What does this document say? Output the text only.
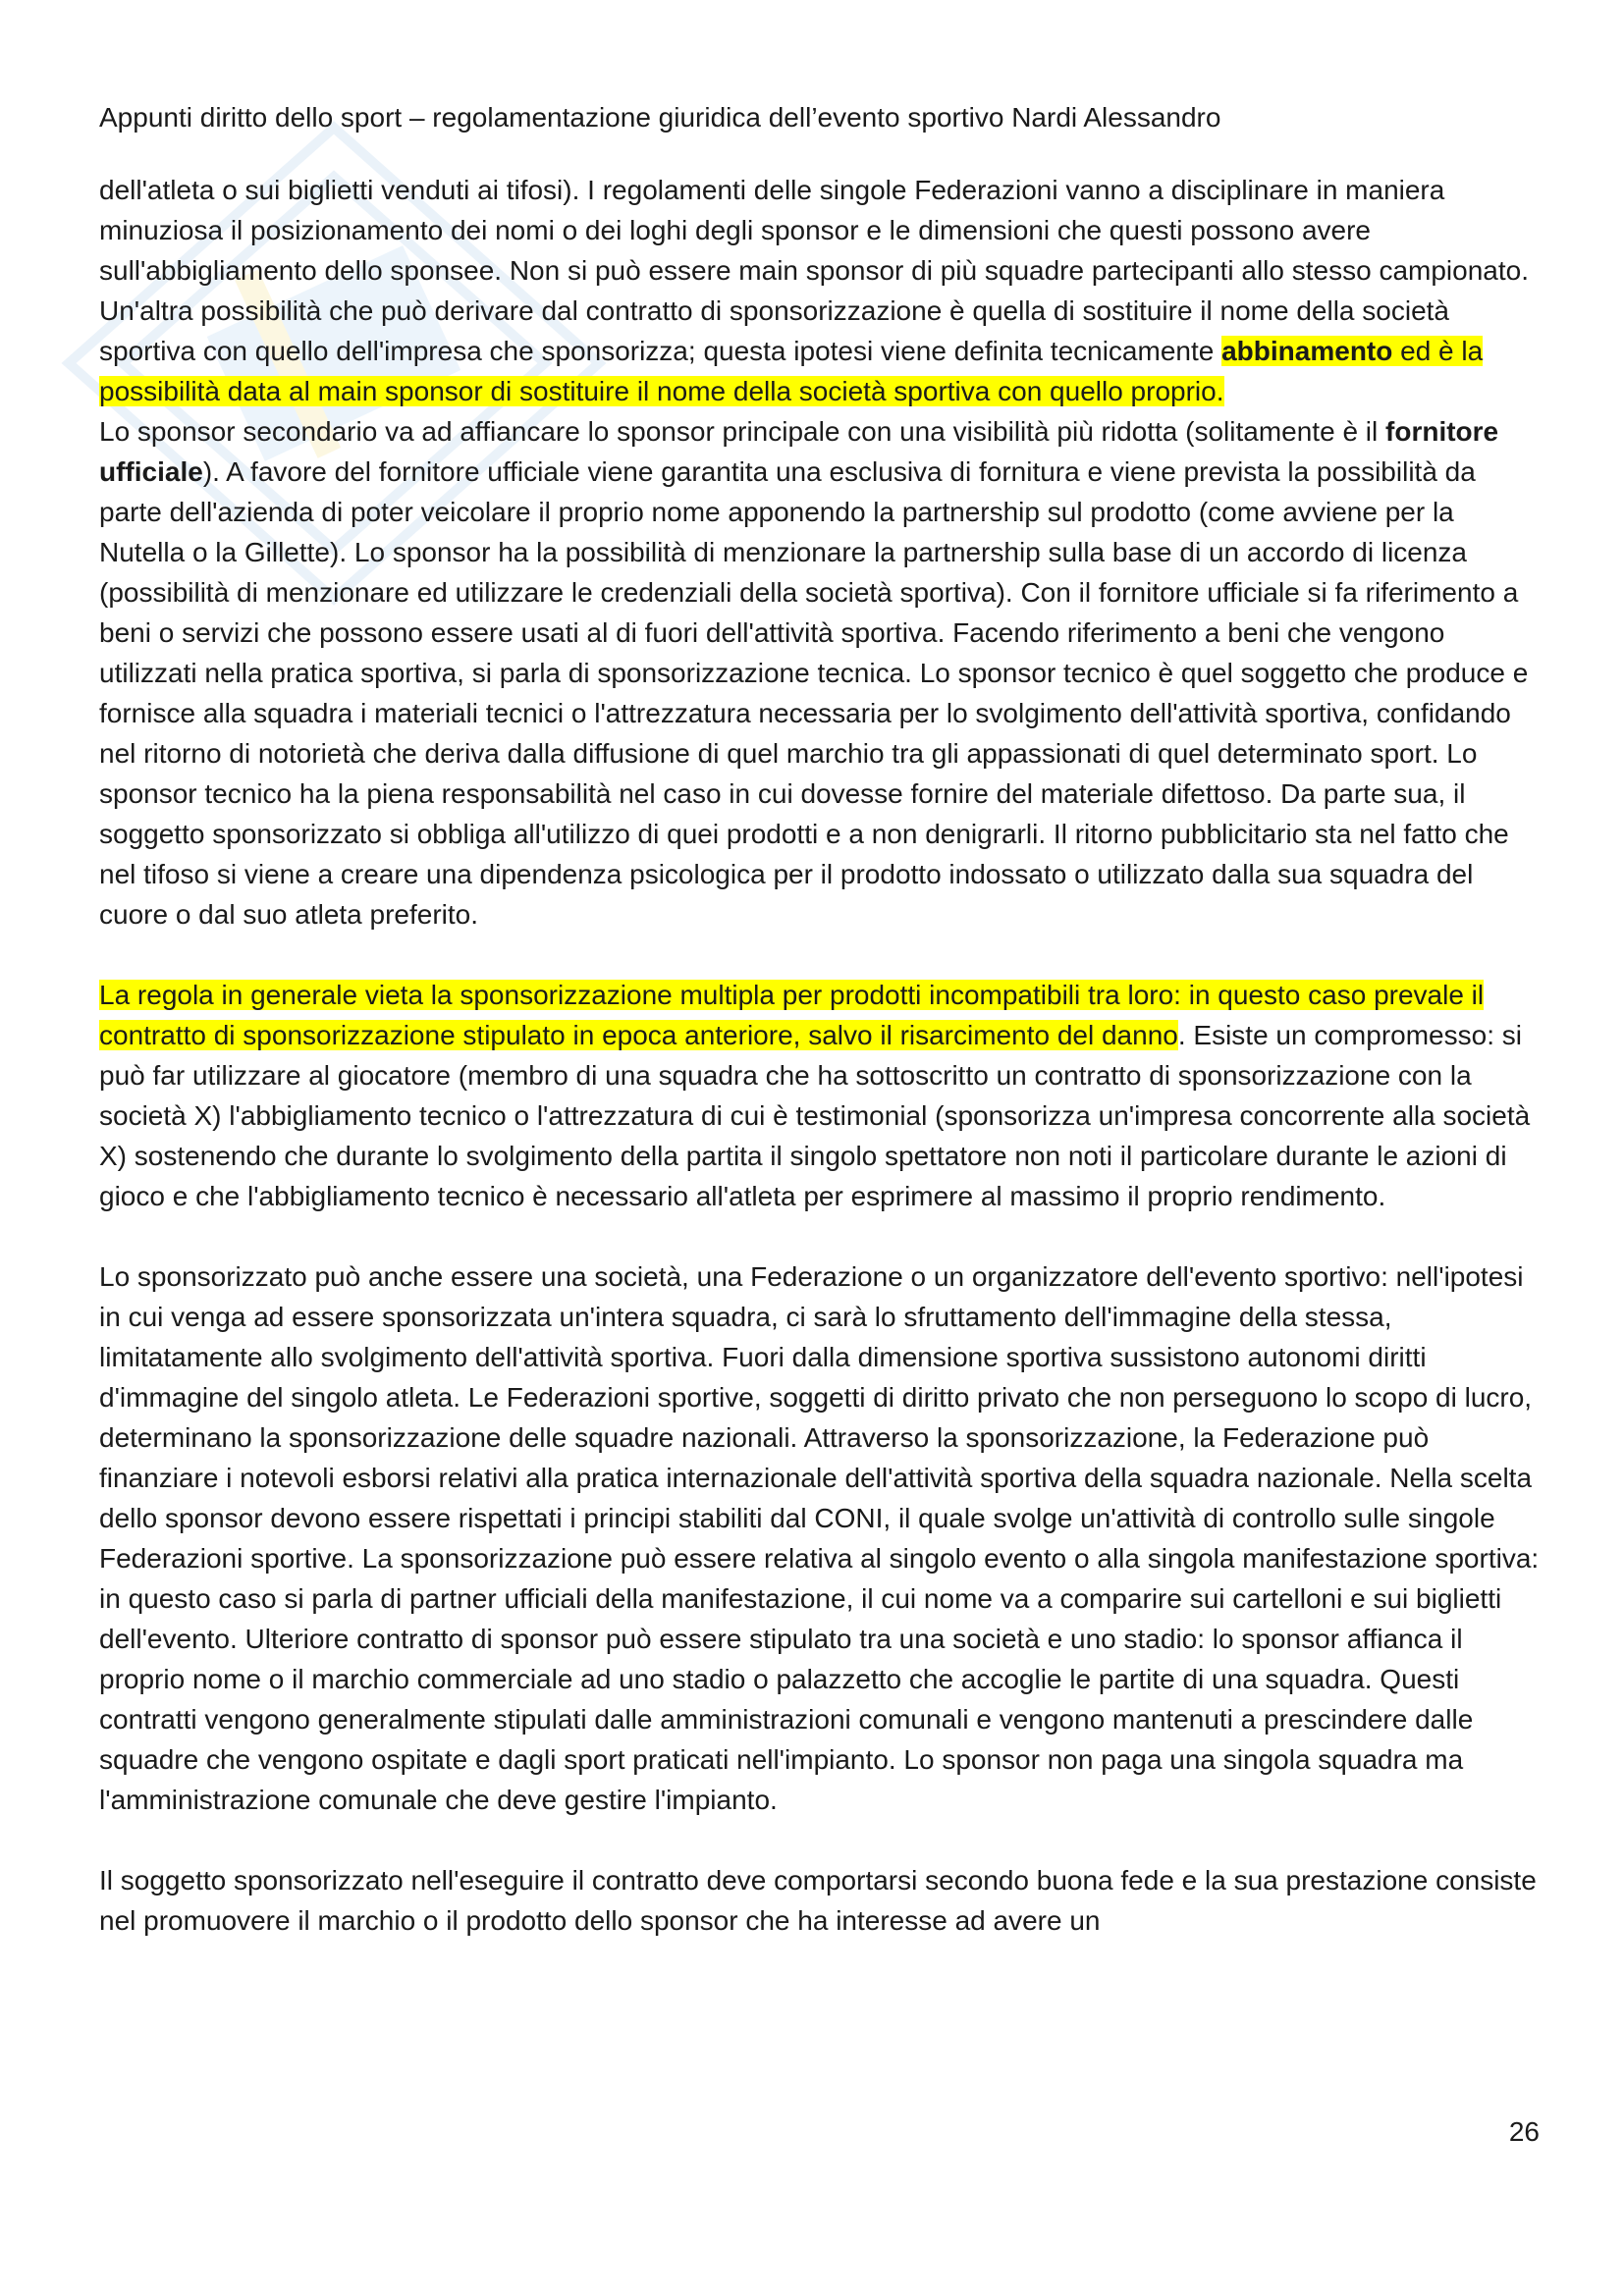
Appunti diritto dello sport – regolamentazione giuridica dell’evento sportivo Nardi Alessandro

dell'atleta o sui biglietti venduti ai tifosi). I regolamenti delle singole Federazioni vanno a disciplinare in maniera minuziosa il posizionamento dei nomi o dei loghi degli sponsor e le dimensioni che questi possono avere sull'abbigliamento dello sponsee. Non si può essere main sponsor di più squadre partecipanti allo stesso campionato. Un'altra possibilità che può derivare dal contratto di sponsorizzazione è quella di sostituire il nome della società sportiva con quello dell'impresa che sponsorizza; questa ipotesi viene definita tecnicamente abbinamento ed è la possibilità data al main sponsor di sostituire il nome della società sportiva con quello proprio.

Lo sponsor secondario va ad affiancare lo sponsor principale con una visibilità più ridotta (solitamente è il fornitore ufficiale). A favore del fornitore ufficiale viene garantita una esclusiva di fornitura e viene prevista la possibilità da parte dell'azienda di poter veicolare il proprio nome apponendo la partnership sul prodotto (come avviene per la Nutella o la Gillette). Lo sponsor ha la possibilità di menzionare la partnership sulla base di un accordo di licenza (possibilità di menzionare ed utilizzare le credenziali della società sportiva). Con il fornitore ufficiale si fa riferimento a beni o servizi che possono essere usati al di fuori dell'attività sportiva. Facendo riferimento a beni che vengono utilizzati nella pratica sportiva, si parla di sponsorizzazione tecnica. Lo sponsor tecnico è quel soggetto che produce e fornisce alla squadra i materiali tecnici o l'attrezzatura necessaria per lo svolgimento dell'attività sportiva, confidando nel ritorno di notorietà che deriva dalla diffusione di quel marchio tra gli appassionati di quel determinato sport. Lo sponsor tecnico ha la piena responsabilità nel caso in cui dovesse fornire del materiale difettoso. Da parte sua, il soggetto sponsorizzato si obbliga all'utilizzo di quei prodotti e a non denigrarli. Il ritorno pubblicitario sta nel fatto che nel tifoso si viene a creare una dipendenza psicologica per il prodotto indossato o utilizzato dalla sua squadra del cuore o dal suo atleta preferito.

La regola in generale vieta la sponsorizzazione multipla per prodotti incompatibili tra loro: in questo caso prevale il contratto di sponsorizzazione stipulato in epoca anteriore, salvo il risarcimento del danno. Esiste un compromesso: si può far utilizzare al giocatore (membro di una squadra che ha sottoscritto un contratto di sponsorizzazione con la società X) l'abbigliamento tecnico o l'attrezzatura di cui è testimonial (sponsorizza un'impresa concorrente alla società X) sostenendo che durante lo svolgimento della partita il singolo spettatore non noti il particolare durante le azioni di gioco e che l'abbigliamento tecnico è necessario all'atleta per esprimere al massimo il proprio rendimento.

Lo sponsorizzato può anche essere una società, una Federazione o un organizzatore dell'evento sportivo: nell'ipotesi in cui venga ad essere sponsorizzata un'intera squadra, ci sarà lo sfruttamento dell'immagine della stessa, limitatamente allo svolgimento dell'attività sportiva. Fuori dalla dimensione sportiva sussistono autonomi diritti d'immagine del singolo atleta. Le Federazioni sportive, soggetti di diritto privato che non perseguono lo scopo di lucro, determinano la sponsorizzazione delle squadre nazionali. Attraverso la sponsorizzazione, la Federazione può finanziare i notevoli esborsi relativi alla pratica internazionale dell'attività sportiva della squadra nazionale. Nella scelta dello sponsor devono essere rispettati i principi stabiliti dal CONI, il quale svolge un'attività di controllo sulle singole Federazioni sportive. La sponsorizzazione può essere relativa al singolo evento o alla singola manifestazione sportiva: in questo caso si parla di partner ufficiali della manifestazione, il cui nome va a comparire sui cartelloni e sui biglietti dell'evento. Ulteriore contratto di sponsor può essere stipulato tra una società e uno stadio: lo sponsor affianca il proprio nome o il marchio commerciale ad uno stadio o palazzetto che accoglie le partite di una squadra. Questi contratti vengono generalmente stipulati dalle amministrazioni comunali e vengono mantenuti a prescindere dalle squadre che vengono ospitate e dagli sport praticati nell'impianto. Lo sponsor non paga una singola squadra ma l'amministrazione comunale che deve gestire l'impianto.

Il soggetto sponsorizzato nell'eseguire il contratto deve comportarsi secondo buona fede e la sua prestazione consiste nel promuovere il marchio o il prodotto dello sponsor che ha interesse ad avere un

26
